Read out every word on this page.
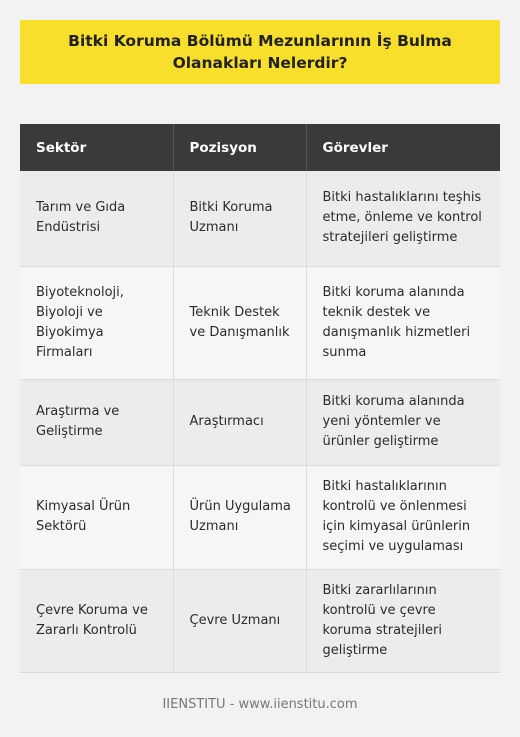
Bitki Koruma Bölümü Mezunlarının İş Bulma Olanakları Nelerdir?
Sektör	Pozisyon	Görevler
Tarım ve Gıda Endüstrisi	Bitki Koruma Uzmanı	Bitki hastalıklarını teşhis etme, önleme ve kontrol stratejileri geliştirme
Biyoteknoloji, Biyoloji ve Biyokimya Firmaları	Teknik Destek ve Danışmanlık	Bitki koruma alanında teknik destek ve danışmanlık hizmetleri sunma
Araştırma ve Geliştirme	Araştırmacı	Bitki koruma alanında yeni yöntemler ve ürünler geliştirme
Kimyasal Ürün Sektörü	Ürün Uygulama Uzmanı	Bitki hastalıklarının kontrolü ve önlenmesi için kimyasal ürünlerin seçimi ve uygulaması
Çevre Koruma ve Zararlı Kontrolü	Çevre Uzmanı	Bitki zararlılarının kontrolü ve çevre koruma stratejileri geliştirme
IIENSTITU - www.iienstitu.com
